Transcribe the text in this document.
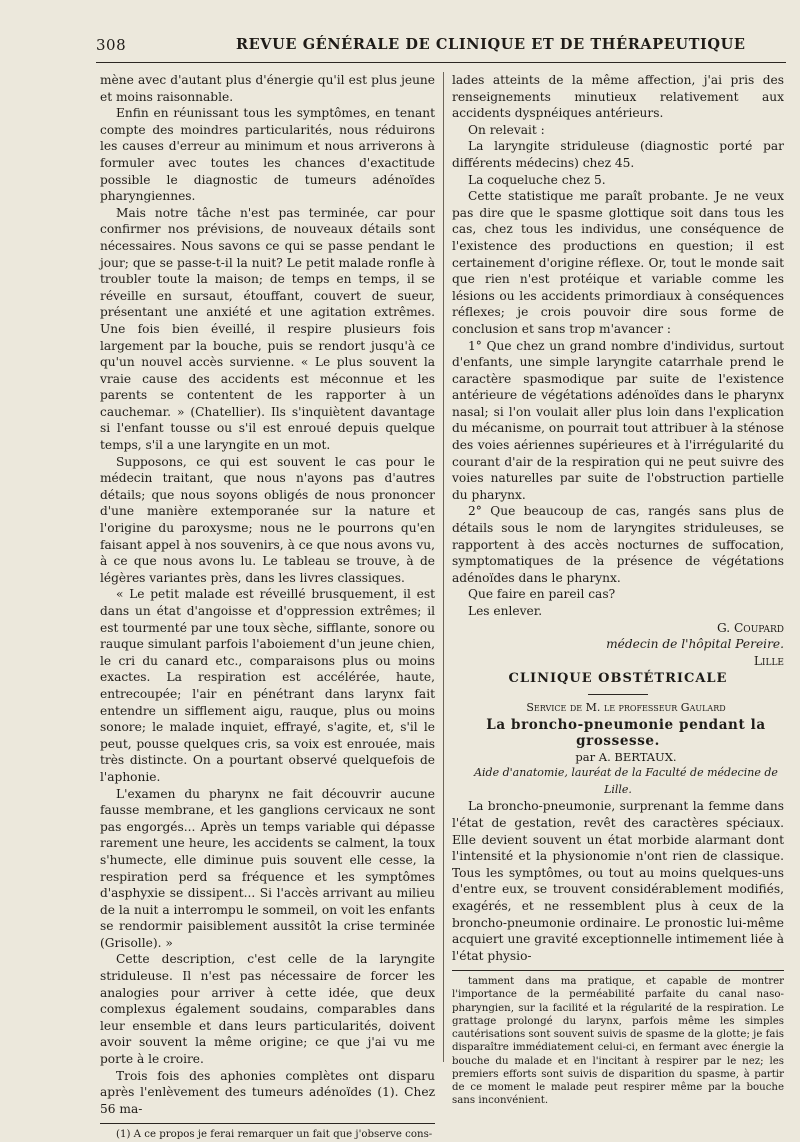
308	REVUE GÉNÉRALE DE CLINIQUE ET DE THÉRAPEUTIQUE

mène avec d'autant plus d'énergie qu'il est plus jeune et moins raisonnable.

Enfin en réunissant tous les symptômes, en tenant compte des moindres particularités, nous réduirons les causes d'erreur au minimum et nous arriverons à formuler avec toutes les chances d'exactitude possible le diagnostic de tumeurs adénoïdes pharyngiennes.

Mais notre tâche n'est pas terminée, car pour confirmer nos prévisions, de nouveaux détails sont nécessaires. Nous savons ce qui se passe pendant le jour; que se passe-t-il la nuit? Le petit malade ronfle à troubler toute la maison; de temps en temps, il se réveille en sursaut, étouffant, couvert de sueur, présentant une anxiété et une agitation extrêmes. Une fois bien éveillé, il respire plusieurs fois largement par la bouche, puis se rendort jusqu'à ce qu'un nouvel accès survienne. « Le plus souvent la vraie cause des accidents est méconnue et les parents se contentent de les rapporter à un cauchemar. » (Chatellier). Ils s'inquiètent davantage si l'enfant tousse ou s'il est enroué depuis quelque temps, s'il a une laryngite en un mot.

Supposons, ce qui est souvent le cas pour le médecin traitant, que nous n'ayons pas d'autres détails; que nous soyons obligés de nous prononcer d'une manière extemporanée sur la nature et l'origine du paroxysme; nous ne le pourrons qu'en faisant appel à nos souvenirs, à ce que nous avons vu, à ce que nous avons lu. Le tableau se trouve, à de légères variantes près, dans les livres classiques.

« Le petit malade est réveillé brusquement, il est dans un état d'angoisse et d'oppression extrêmes; il est tourmenté par une toux sèche, sifflante, sonore ou rauque simulant parfois l'aboiement d'un jeune chien, le cri du canard etc., comparaisons plus ou moins exactes. La respiration est accélérée, haute, entrecoupée; l'air en pénétrant dans larynx fait entendre un sifflement aigu, rauque, plus ou moins sonore; le malade inquiet, effrayé, s'agite, et, s'il le peut, pousse quelques cris, sa voix est enrouée, mais très distincte. On a pourtant observé quelquefois de l'aphonie.

L'examen du pharynx ne fait découvrir aucune fausse membrane, et les ganglions cervicaux ne sont pas engorgés... Après un temps variable qui dépasse rarement une heure, les accidents se calment, la toux s'humecte, elle diminue puis souvent elle cesse, la respiration perd sa fréquence et les symptômes d'asphyxie se dissipent... Si l'accès arrivant au milieu de la nuit a interrompu le sommeil, on voit les enfants se rendormir paisiblement aussitôt la crise terminée (Grisolle). »

Cette description, c'est celle de la laryngite striduleuse. Il n'est pas nécessaire de forcer les analogies pour arriver à cette idée, que deux complexus également soudains, comparables dans leur ensemble et dans leurs particularités, doivent avoir souvent la même origine; ce que j'ai vu me porte à le croire.

Trois fois des aphonies complètes ont disparu après l'enlèvement des tumeurs adénoïdes (1). Chez 56 ma-

(1) A ce propos je ferai remarquer un fait que j'observe cons-

lades atteints de la même affection, j'ai pris des renseignements minutieux relativement aux accidents dyspnéiques antérieurs.

On relevait :

La laryngite striduleuse (diagnostic porté par différents médecins) chez 45.

La coqueluche chez 5.

Cette statistique me paraît probante. Je ne veux pas dire que le spasme glottique soit dans tous les cas, chez tous les individus, une conséquence de l'existence des productions en question; il est certainement d'origine réflexe. Or, tout le monde sait que rien n'est protéique et variable comme les lésions ou les accidents primordiaux à conséquences réflexes; je crois pouvoir dire sous forme de conclusion et sans trop m'avancer :

1° Que chez un grand nombre d'individus, surtout d'enfants, une simple laryngite catarrhale prend le caractère spasmodique par suite de l'existence antérieure de végétations adénoïdes dans le pharynx nasal; si l'on voulait aller plus loin dans l'explication du mécanisme, on pourrait tout attribuer à la sténose des voies aériennes supérieures et à l'irrégularité du courant d'air de la respiration qui ne peut suivre des voies naturelles par suite de l'obstruction partielle du pharynx.

2° Que beaucoup de cas, rangés sans plus de détails sous le nom de laryngites striduleuses, se rapportent à des accès nocturnes de suffocation, symptomatiques de la présence de végétations adénoïdes dans le pharynx.

Que faire en pareil cas?

Les enlever.

G. Coupard

médecin de l'hôpital Pereire.

Lille

CLINIQUE OBSTÉTRICALE

Service de M. le professeur Gaulard

La broncho-pneumonie pendant la grossesse.

par A. BERTAUX.

Aide d'anatomie, lauréat de la Faculté de médecine de Lille.

La broncho-pneumonie, surprenant la femme dans l'état de gestation, revêt des caractères spéciaux. Elle devient souvent un état morbide alarmant dont l'intensité et la physionomie n'ont rien de classique. Tous les symptômes, ou tout au moins quelques-uns d'entre eux, se trouvent considérablement modifiés, exagérés, et ne ressemblent plus à ceux de la broncho-pneumonie ordinaire. Le pronostic lui-même acquiert une gravité exceptionnelle intimement liée à l'état physio-

tamment dans ma pratique, et capable de montrer l'importance de la perméabilité parfaite du canal naso-pharyngien, sur la facilité et la régularité de la respiration. Le grattage prolongé du larynx, parfois même les simples cautérisations sont souvent suivis de spasme de la glotte; je fais disparaître immédiatement celui-ci, en fermant avec énergie la bouche du malade et en l'incitant à respirer par le nez; les premiers efforts sont suivis de disparition du spasme, à partir de ce moment le malade peut respirer même par la bouche sans inconvénient.
